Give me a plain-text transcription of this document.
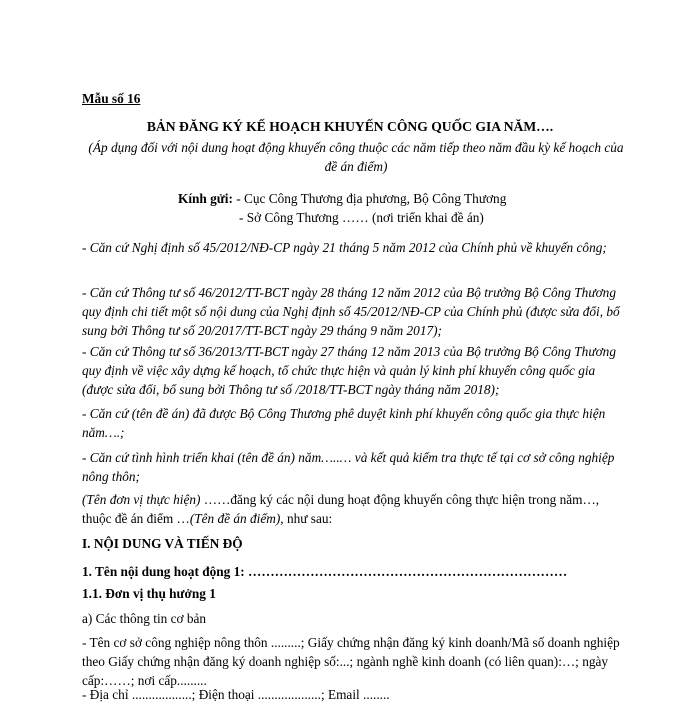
Mẫu số 16

BẢN ĐĂNG KÝ KẾ HOẠCH KHUYẾN CÔNG QUỐC GIA NĂM….

(Áp dụng đối với nội dung hoạt động khuyến công thuộc các năm tiếp theo năm đầu kỳ kế hoạch của đề án điểm)

Kính gửi: - Cục Công Thương địa phương, Bộ Công Thương
- Sở Công Thương …… (nơi triển khai đề án)

- Căn cứ Nghị định số 45/2012/NĐ-CP ngày 21 tháng 5 năm 2012 của Chính phủ về khuyến công;

- Căn cứ Thông tư số 46/2012/TT-BCT ngày 28 tháng 12 năm 2012 của Bộ trưởng Bộ Công Thương quy định chi tiết một số nội dung của Nghị định số 45/2012/NĐ-CP của Chính phủ (được sửa đổi, bổ sung bởi Thông tư số 20/2017/TT-BCT ngày 29 tháng 9 năm 2017);

- Căn cứ Thông tư số 36/2013/TT-BCT ngày 27 tháng 12 năm 2013 của Bộ trưởng Bộ Công Thương quy định về việc xây dựng kế hoạch, tổ chức thực hiện và quản lý kinh phí khuyến công quốc gia (được sửa đổi, bổ sung bởi Thông tư số /2018/TT-BCT ngày tháng năm 2018);

- Căn cứ (tên đề án) đã được Bộ Công Thương phê duyệt kinh phí khuyến công quốc gia thực hiện năm….;

- Căn cứ tình hình triển khai (tên đề án) năm…..… và kết quả kiểm tra thực tế tại cơ sở công nghiệp nông thôn;

(Tên đơn vị thực hiện) ……đăng ký các nội dung hoạt động khuyến công thực hiện trong năm…, thuộc đề án điểm …(Tên đề án điểm), như sau:

I. NỘI DUNG VÀ TIẾN ĐỘ

1. Tên nội dung hoạt động 1: ………………………………………………………………

1.1. Đơn vị thụ hưởng 1

a) Các thông tin cơ bản

- Tên cơ sở công nghiệp nông thôn .........; Giấy chứng nhận đăng ký kinh doanh/Mã số doanh nghiệp theo Giấy chứng nhận đăng ký doanh nghiệp số:...; ngành nghề kinh doanh (có liên quan):…; ngày cấp:……; nơi cấp.........

- Địa chỉ ..................; Điện thoại ...................; Email ........
